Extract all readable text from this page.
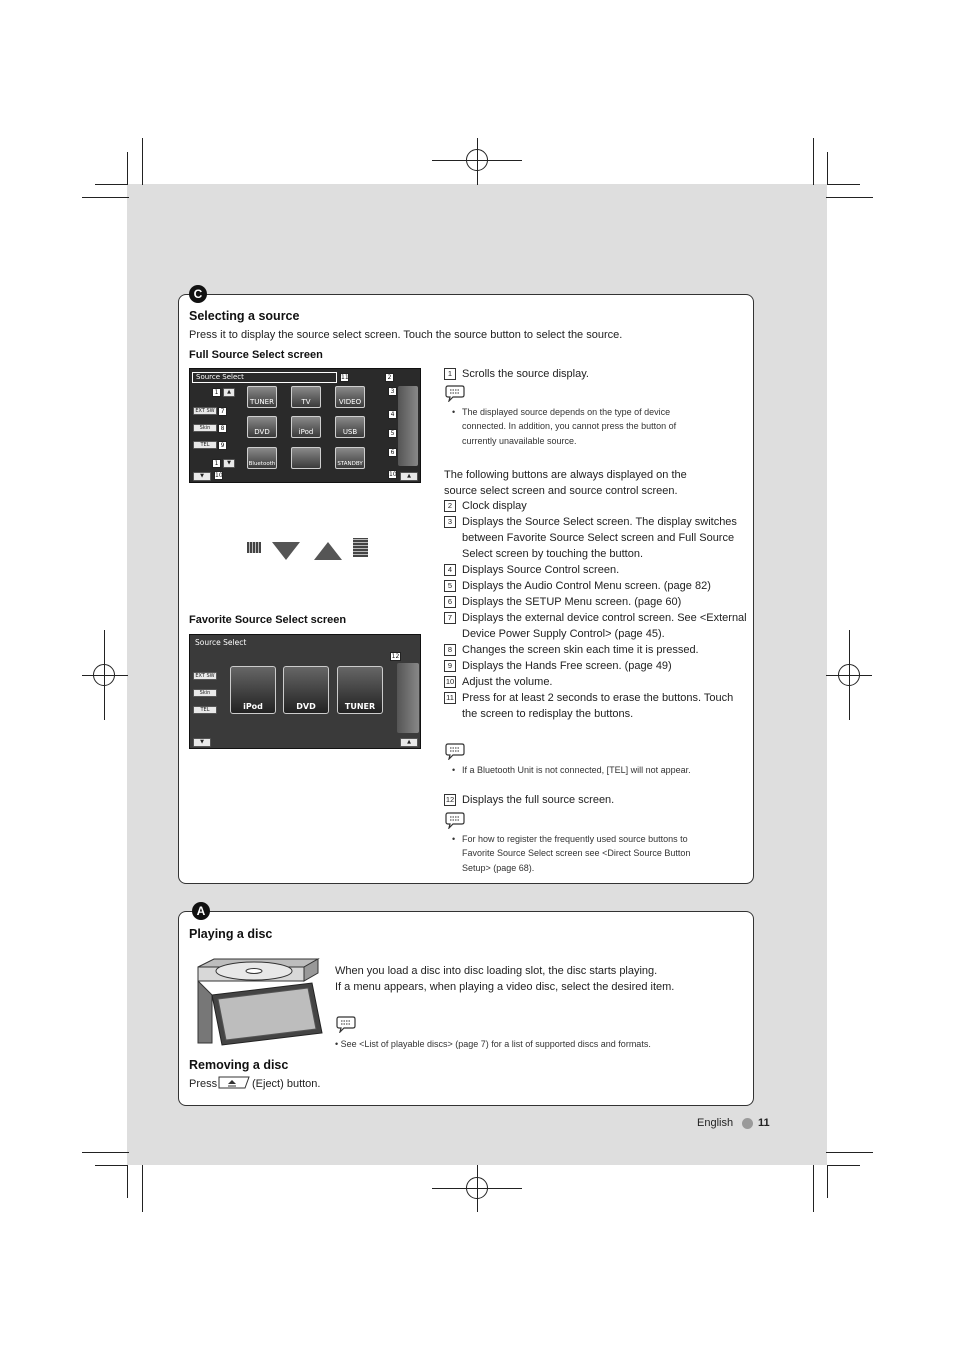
C
Selecting a source
Press it to display the source select screen. Touch the source button to select the source.
Full Source Select screen
Source Select	11	2
3
4
5
6
10
1
1
7
8
9
10
▲
▼
EXT SW
Skin
TEL
▼	▲
TUNER	TV	VIDEO
DVD	iPod	USB
Bluetooth	STANDBY
Favorite Source Select screen
Source Select
EXT SW
Skin
TEL	iPod	DVD	TUNER
12
▼	▲
1 Scrolls the source display.
• The displayed source depends on the type of device
connected. In addition, you cannot press the button of
currently unavailable source.
The following buttons are always displayed on the
source select screen and source control screen.
2 Clock display
3 Displays the Source Select screen. The display switches between Favorite Source Select screen and Full Source Select screen by touching the button.
4 Displays Source Control screen.
5 Displays the Audio Control Menu screen. (page 82)
6 Displays the SETUP Menu screen. (page 60)
7 Displays the external device control screen. See <External Device Power Supply Control> (page 45).
8 Changes the screen skin each time it is pressed.
9 Displays the Hands Free screen. (page 49)
10 Adjust the volume.
11 Press for at least 2 seconds to erase the buttons. Touch the screen to redisplay the buttons.
• If a Bluetooth Unit is not connected, [TEL] will not appear.
12 Displays the full source screen.
• For how to register the frequently used source buttons to
Favorite Source Select screen see <Direct Source Button
Setup> (page 68).
A
Playing a disc
When you load a disc into disc loading slot, the disc starts playing.
If a menu appears, when playing a video disc, select the desired item.
• See <List of playable discs> (page 7) for a list of supported discs and formats.
Removing a disc
Press	(Eject) button.
English 11
